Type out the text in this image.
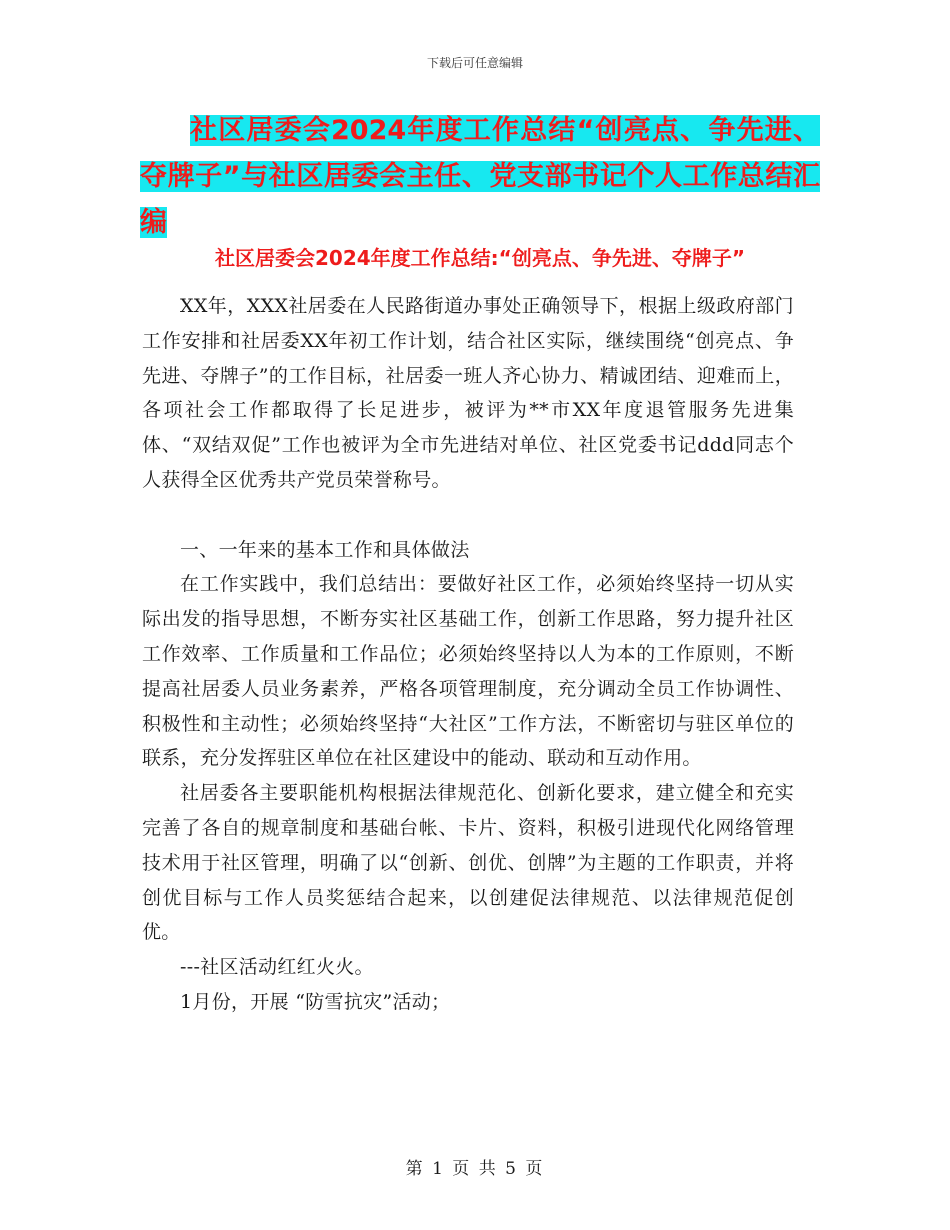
下载后可任意编辑
社区居委会2024年度工作总结“创亮点、争先进、夺牌子”与社区居委会主任、党支部书记个人工作总结汇编
社区居委会2024年度工作总结:“创亮点、争先进、夺牌子”

XX年，XXX社居委在人民路街道办事处正确领导下，根据上级政府部门工作安排和社居委XX年初工作计划，结合社区实际，继续围绕“创亮点、争先进、夺牌子”的工作目标，社居委一班人齐心协力、精诚团结、迎难而上，各项社会工作都取得了长足进步，被评为**市XX年度退管服务先进集体、“双结双促”工作也被评为全市先进结对单位、社区党委书记ddd同志个人获得全区优秀共产党员荣誉称号。

一、一年来的基本工作和具体做法

在工作实践中，我们总结出：要做好社区工作，必须始终坚持一切从实际出发的指导思想，不断夯实社区基础工作，创新工作思路，努力提升社区工作效率、工作质量和工作品位；必须始终坚持以人为本的工作原则，不断提高社居委人员业务素养，严格各项管理制度，充分调动全员工作协调性、积极性和主动性；必须始终坚持“大社区”工作方法，不断密切与驻区单位的联系，充分发挥驻区单位在社区建设中的能动、联动和互动作用。

社居委各主要职能机构根据法律规范化、创新化要求，建立健全和充实完善了各自的规章制度和基础台帐、卡片、资料，积极引进现代化网络管理技术用于社区管理，明确了以“创新、创优、创牌”为主题的工作职责，并将创优目标与工作人员奖惩结合起来，以创建促法律规范、以法律规范促创优。

---社区活动红红火火。

1月份，开展 “防雪抗灾”活动；

第 1 页 共 5 页
